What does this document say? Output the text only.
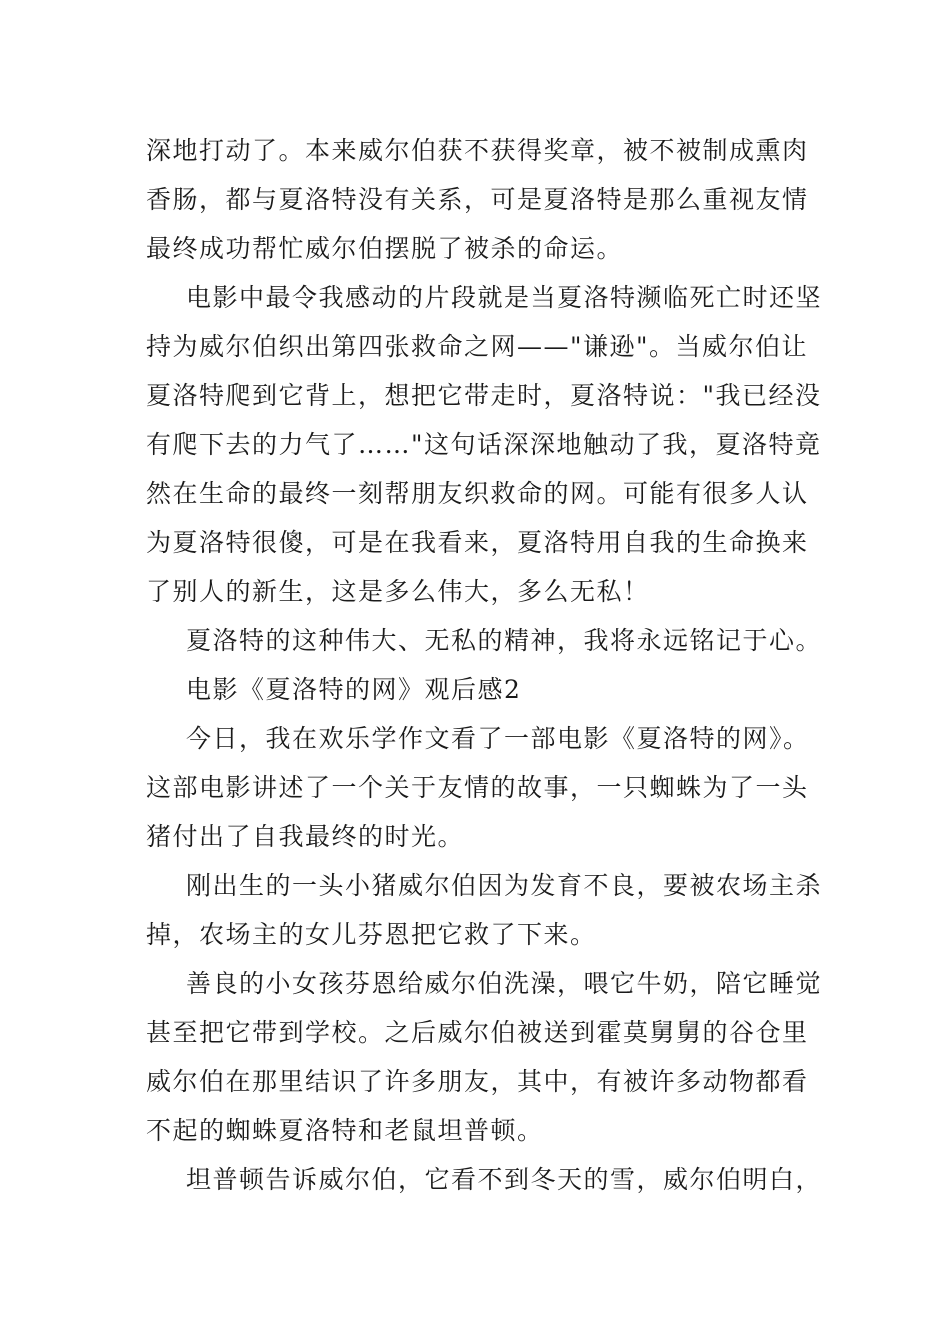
深地打动了。本来威尔伯获不获得奖章，被不被制成熏肉
香肠，都与夏洛特没有关系，可是夏洛特是那么重视友情
最终成功帮忙威尔伯摆脱了被杀的命运。
电影中最令我感动的片段就是当夏洛特濒临死亡时还坚
持为威尔伯织出第四张救命之网——"谦逊"。当威尔伯让
夏洛特爬到它背上，想把它带走时，夏洛特说："我已经没
有爬下去的力气了……"这句话深深地触动了我，夏洛特竟
然在生命的最终一刻帮朋友织救命的网。可能有很多人认
为夏洛特很傻，可是在我看来，夏洛特用自我的生命换来
了别人的新生，这是多么伟大，多么无私！
夏洛特的这种伟大、无私的精神，我将永远铭记于心。
电影《夏洛特的网》观后感2
今日，我在欢乐学作文看了一部电影《夏洛特的网》。
这部电影讲述了一个关于友情的故事，一只蜘蛛为了一头
猪付出了自我最终的时光。
刚出生的一头小猪威尔伯因为发育不良，要被农场主杀
掉，农场主的女儿芬恩把它救了下来。
善良的小女孩芬恩给威尔伯洗澡，喂它牛奶，陪它睡觉
甚至把它带到学校。之后威尔伯被送到霍莫舅舅的谷仓里
威尔伯在那里结识了许多朋友，其中，有被许多动物都看
不起的蜘蛛夏洛特和老鼠坦普顿。
坦普顿告诉威尔伯，它看不到冬天的雪，威尔伯明白，
